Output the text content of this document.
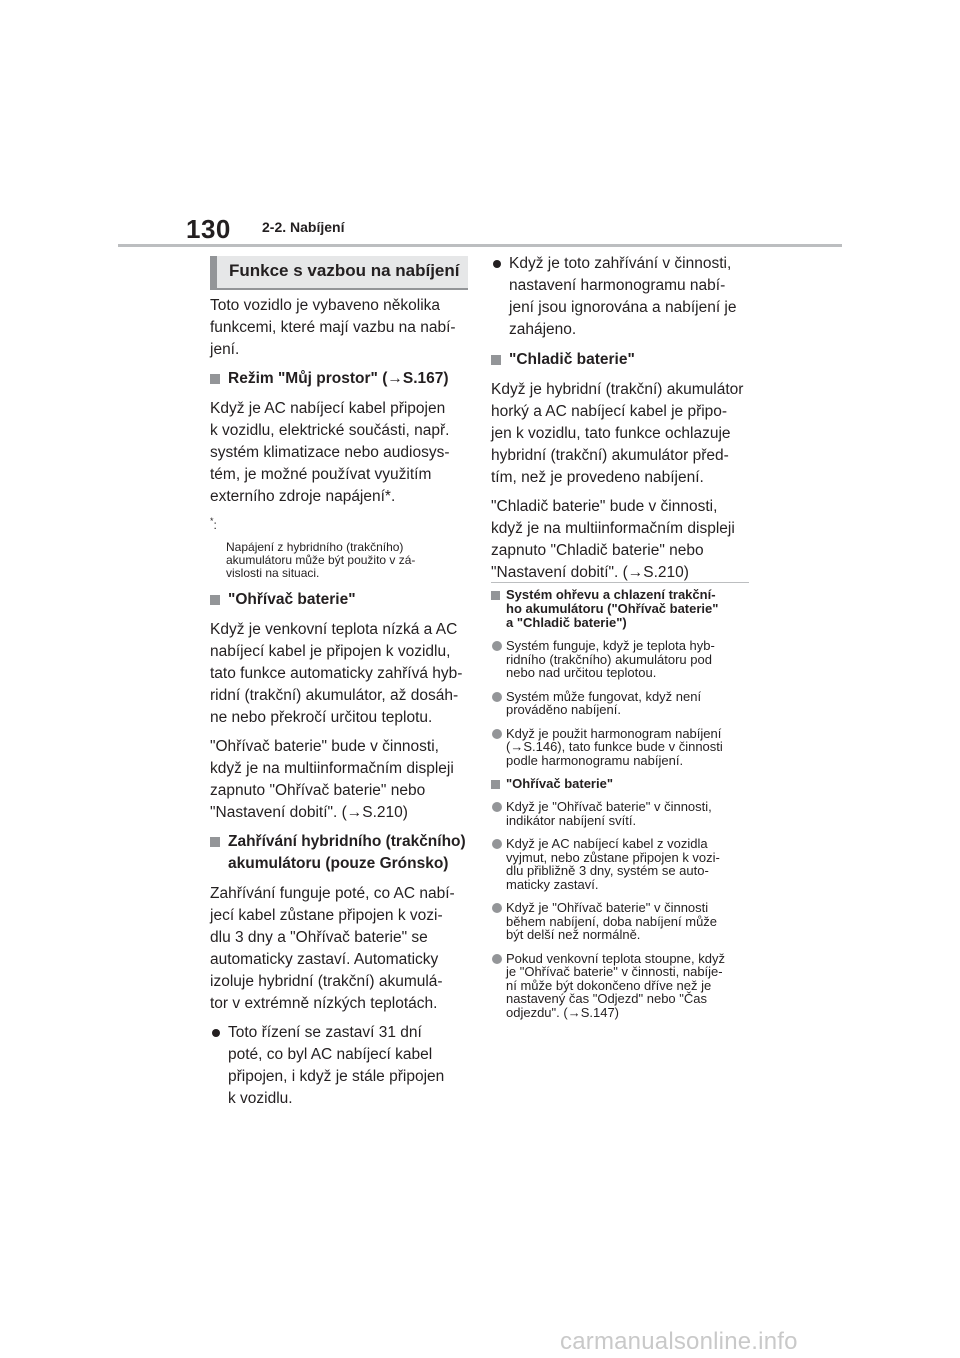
130 2-2. Nabíjení
Funkce s vazbou na nabíjení

Toto vozidlo je vybaveno několika
funkcemi, které mají vazbu na nabí-
jení.

Režim "Můj prostor" (→S.167)

Když je AC nabíjecí kabel připojen
k vozidlu, elektrické součásti, např.
systém klimatizace nebo audiosys-
tém, je možné používat využitím
externího zdroje napájení*.

*:

Napájení z hybridního (trakčního)
akumulátoru může být použito v zá-
vislosti na situaci.

"Ohřívač baterie"

Když je venkovní teplota nízká a AC
nabíjecí kabel je připojen k vozidlu,
tato funkce automaticky zahřívá hyb-
ridní (trakční) akumulátor, až dosáh-
ne nebo překročí určitou teplotu.

"Ohřívač baterie" bude v činnosti,
když je na multiinformačním displeji
zapnuto "Ohřívač baterie" nebo
"Nastavení dobití". (→S.210)

Zahřívání hybridního (trakčního)
akumulátoru (pouze Grónsko)

Zahřívání funguje poté, co AC nabí-
jecí kabel zůstane připojen k vozi-
dlu 3 dny a "Ohřívač baterie" se
automaticky zastaví. Automaticky
izoluje hybridní (trakční) akumulá-
tor v extrémně nízkých teplotách.

Toto řízení se zastaví 31 dní
poté, co byl AC nabíjecí kabel
připojen, i když je stále připojen
k vozidlu.
Když je toto zahřívání v činnosti,
nastavení harmonogramu nabí-
jení jsou ignorována a nabíjení je
zahájeno.

"Chladič baterie"

Když je hybridní (trakční) akumulátor
horký a AC nabíjecí kabel je připo-
jen k vozidlu, tato funkce ochlazuje
hybridní (trakční) akumulátor před-
tím, než je provedeno nabíjení.

"Chladič baterie" bude v činnosti,
když je na multiinformačním displeji
zapnuto "Chladič baterie" nebo
"Nastavení dobití". (→S.210)

Systém ohřevu a chlazení trakční-
ho akumulátoru ("Ohřívač baterie"
a "Chladič baterie")
Systém funguje, když je teplota hyb-
ridního (trakčního) akumulátoru pod
nebo nad určitou teplotou.
Systém může fungovat, když není
prováděno nabíjení.
Když je použit harmonogram nabíjení
(→S.146), tato funkce bude v činnosti
podle harmonogramu nabíjení.
"Ohřívač baterie"
Když je "Ohřívač baterie" v činnosti,
indikátor nabíjení svítí.
Když je AC nabíjecí kabel z vozidla
vyjmut, nebo zůstane připojen k vozi-
dlu přibližně 3 dny, systém se auto-
maticky zastaví.
Když je "Ohřívač baterie" v činnosti
během nabíjení, doba nabíjení může
být delší než normálně.
Pokud venkovní teplota stoupne, když
je "Ohřívač baterie" v činnosti, nabíje-
ní může být dokončeno dříve než je
nastavený čas "Odjezd" nebo "Čas
odjezdu". (→S.147)
carmanualsonline.info
